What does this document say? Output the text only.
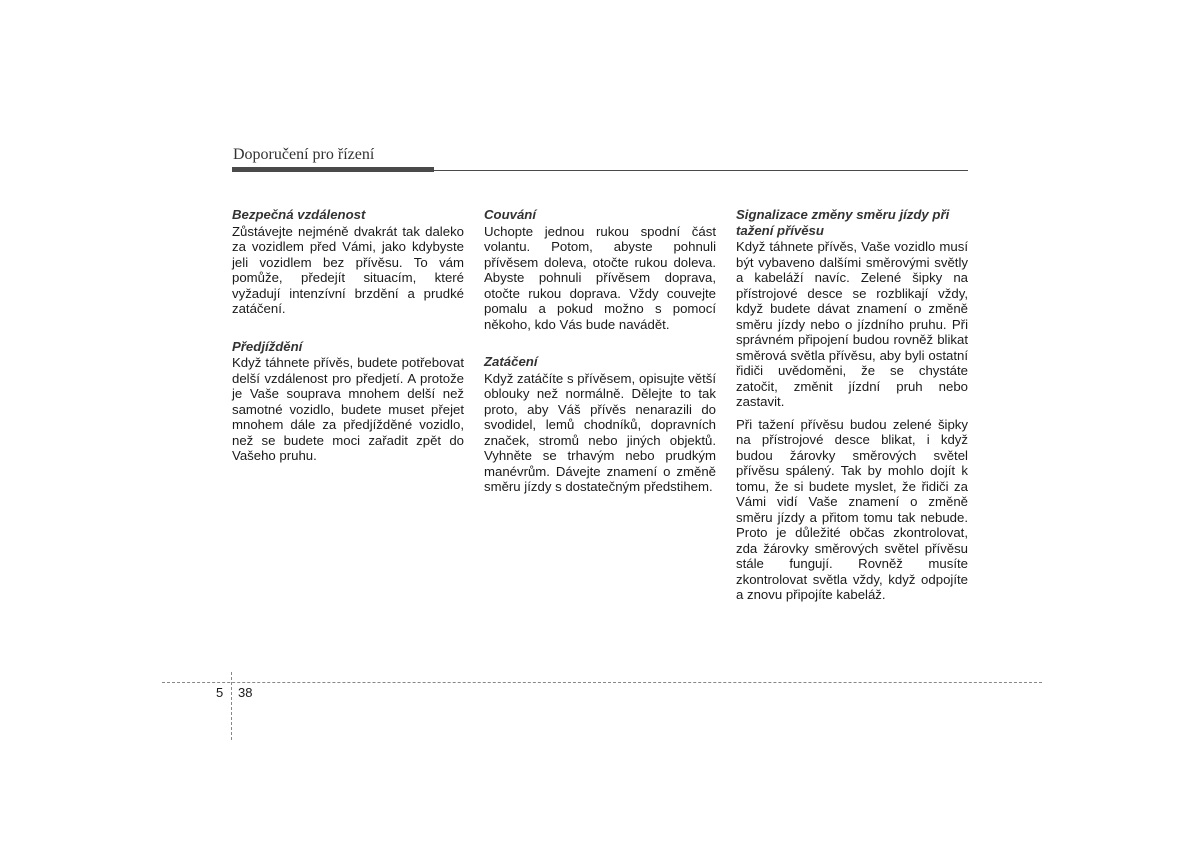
Doporučení pro řízení

Bezpečná vzdálenost

Zůstávejte nejméně dvakrát tak daleko za vozidlem před Vámi, jako kdybyste jeli vozidlem bez přívěsu. To vám pomůže, předejít situacím, které vyžadují intenzívní brzdění a prudké zatáčení.

Předjíždění

Když táhnete přívěs, budete potřebovat delší vzdálenost pro předjetí. A protože je Vaše souprava mnohem delší než samotné vozidlo, budete muset přejet mnohem dále za předjížděné vozidlo, než se budete moci zařadit zpět do Vašeho pruhu.

Couvání

Uchopte jednou rukou spodní část volantu. Potom, abyste pohnuli přívěsem doleva, otočte rukou doleva. Abyste pohnuli přívěsem doprava, otočte rukou doprava. Vždy couvejte pomalu a pokud možno s pomocí někoho, kdo Vás bude navádět.

Zatáčení

Když zatáčíte s přívěsem, opisujte větší oblouky než normálně. Dělejte to tak proto, aby Váš přívěs nenarazili do svodidel, lemů chodníků, dopravních značek, stromů nebo jiných objektů. Vyhněte se trhavým nebo prudkým manévrům. Dávejte znamení o změně směru jízdy s dostatečným předstihem.

Signalizace změny směru jízdy při tažení přívěsu

Když táhnete přívěs, Vaše vozidlo musí být vybaveno dalšími směrovými světly a kabeláží navíc. Zelené šipky na přístrojové desce se rozblikají vždy, když budete dávat znamení o změně směru jízdy nebo o jízdního pruhu. Při správném připojení budou rovněž blikat směrová světla přívěsu, aby byli ostatní řidiči uvědoměni, že se chystáte zatočit, změnit jízdní pruh nebo zastavit.

Při tažení přívěsu budou zelené šipky na přístrojové desce blikat, i když budou žárovky směrových světel přívěsu spálený. Tak by mohlo dojít k tomu, že si budete myslet, že řidiči za Vámi vidí Vaše znamení o změně směru jízdy a přitom tomu tak nebude. Proto je důležité občas zkontrolovat, zda žárovky směrových světel přívěsu stále fungují. Rovněž musíte zkontrolovat světla vždy, když odpojíte a znovu připojíte kabeláž.

5 38
